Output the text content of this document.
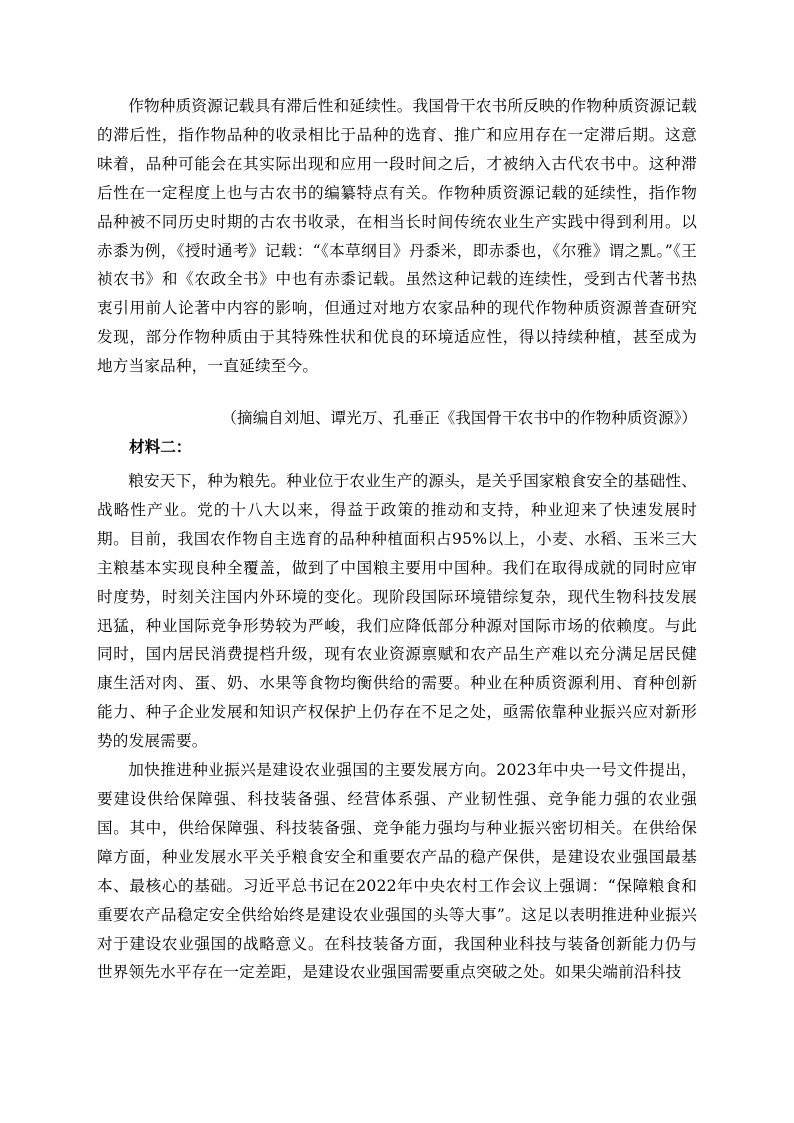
作物种质资源记载具有滞后性和延续性。我国骨干农书所反映的作物种质资源记载的滞后性，指作物品种的收录相比于品种的选育、推广和应用存在一定滞后期。这意味着，品种可能会在其实际出现和应用一段时间之后，才被纳入古代农书中。这种滞后性在一定程度上也与古农书的编纂特点有关。作物种质资源记载的延续性，指作物品种被不同历史时期的古农书收录，在相当长时间传统农业生产实践中得到利用。以赤黍为例，《授时通考》记载：“《本草纲目》丹黍米，即赤黍也，《尔雅》谓之䵝。”《王祯农书》和《农政全书》中也有赤黍记载。虽然这种记载的连续性，受到古代著书热衷引用前人论著中内容的影响，但通过对地方农家品种的现代作物种质资源普查研究发现，部分作物种质由于其特殊性状和优良的环境适应性，得以持续种植，甚至成为地方当家品种，一直延续至今。

（摘编自刘旭、谭光万、孔垂正《我国骨干农书中的作物种质资源》）
材料二：

粮安天下，种为粮先。种业位于农业生产的源头，是关乎国家粮食安全的基础性、战略性产业。党的十八大以来，得益于政策的推动和支持，种业迎来了快速发展时期。目前，我国农作物自主选育的品种种植面积占95%以上，小麦、水稻、玉米三大主粮基本实现良种全覆盖，做到了中国粮主要用中国种。我们在取得成就的同时应审时度势，时刻关注国内外环境的变化。现阶段国际环境错综复杂，现代生物科技发展迅猛，种业国际竞争形势较为严峻，我们应降低部分种源对国际市场的依赖度。与此同时，国内居民消费提档升级，现有农业资源禀赋和农产品生产难以充分满足居民健康生活对肉、蛋、奶、水果等食物均衡供给的需要。种业在种质资源利用、育种创新能力、种子企业发展和知识产权保护上仍存在不足之处，亟需依靠种业振兴应对新形势的发展需要。

加快推进种业振兴是建设农业强国的主要发展方向。2023年中央一号文件提出，要建设供给保障强、科技装备强、经营体系强、产业韧性强、竞争能力强的农业强国。其中，供给保障强、科技装备强、竞争能力强均与种业振兴密切相关。在供给保障方面，种业发展水平关乎粮食安全和重要农产品的稳产保供，是建设农业强国最基本、最核心的基础。习近平总书记在2022年中央农村工作会议上强调：“保障粮食和重要农产品稳定安全供给始终是建设农业强国的头等大事”。这足以表明推进种业振兴对于建设农业强国的战略意义。在科技装备方面，我国种业科技与装备创新能力仍与世界领先水平存在一定差距，是建设农业强国需要重点突破之处。如果尖端前沿科技
